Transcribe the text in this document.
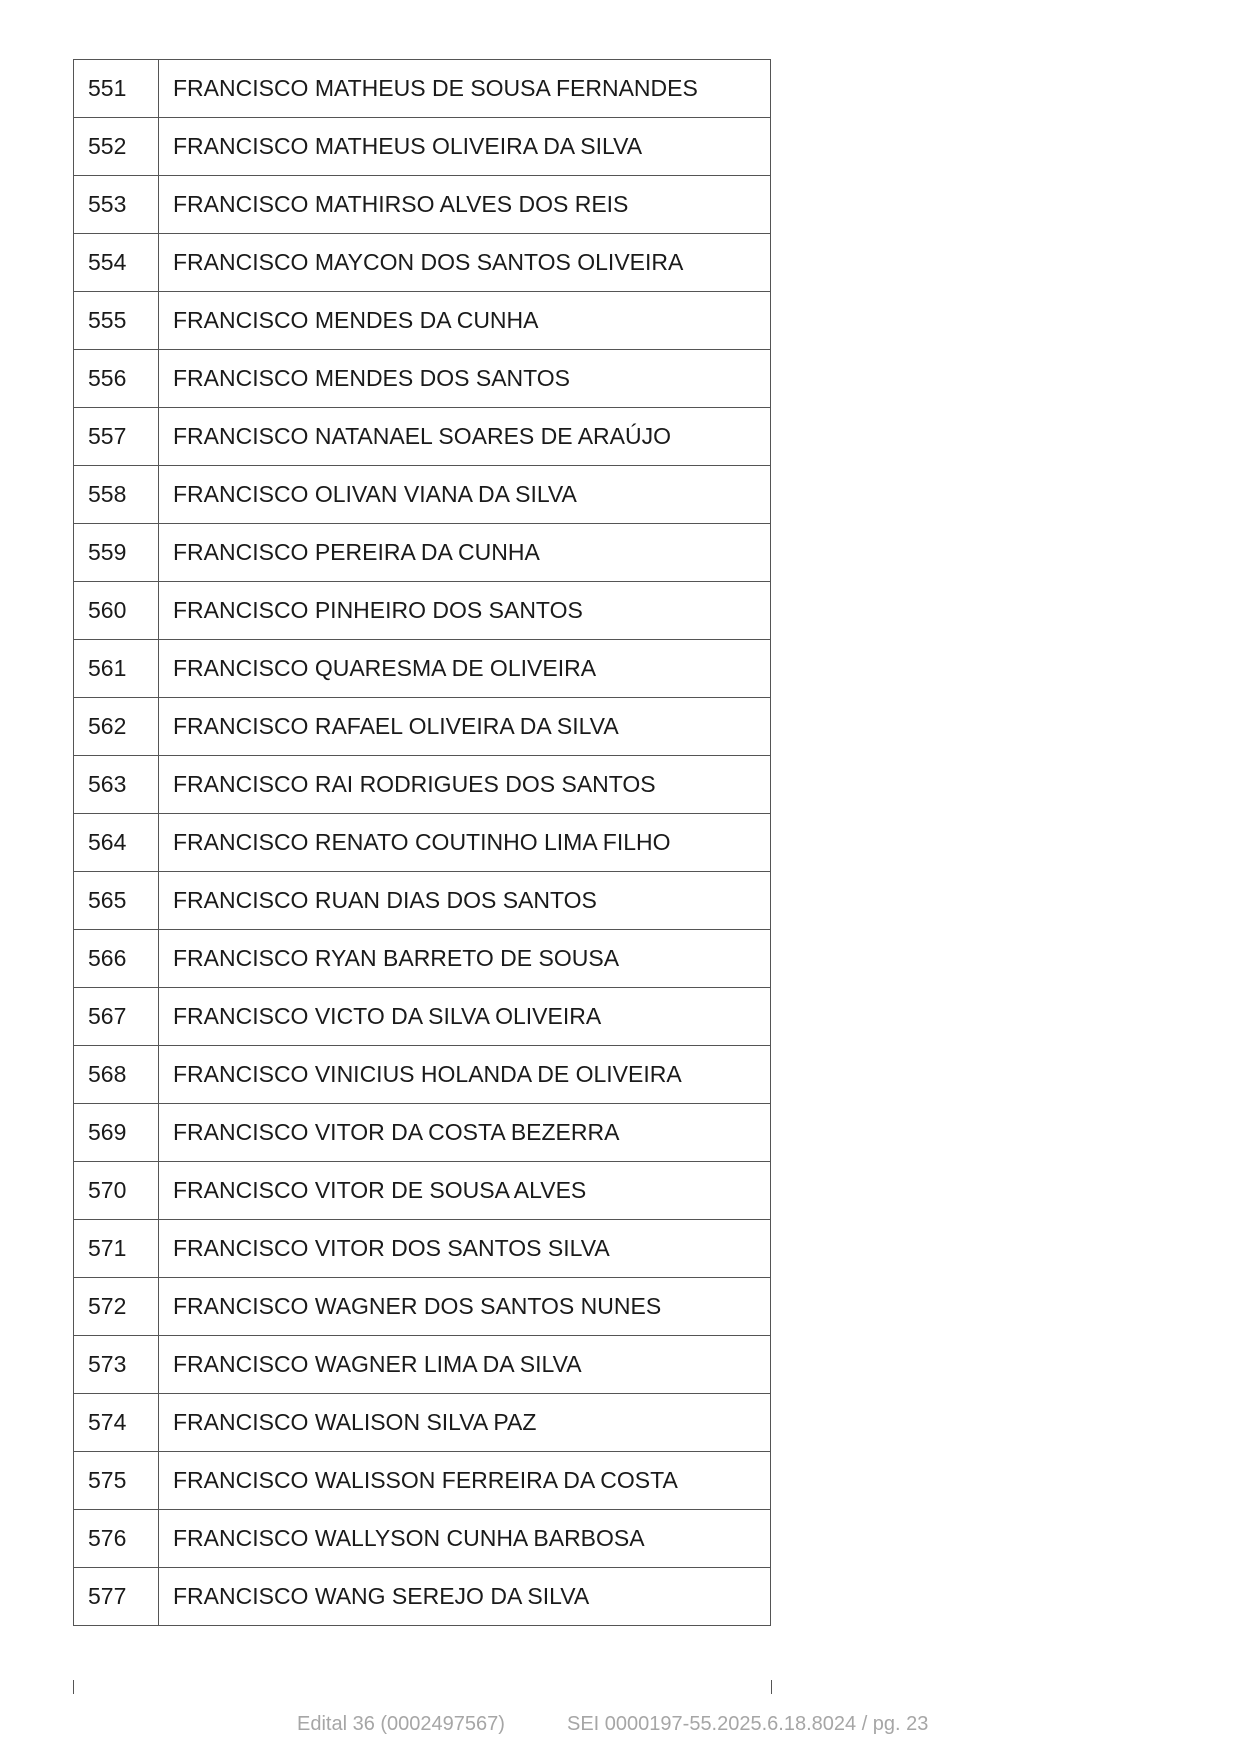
551	FRANCISCO MATHEUS DE SOUSA FERNANDES
552	FRANCISCO MATHEUS OLIVEIRA DA SILVA
553	FRANCISCO MATHIRSO ALVES DOS REIS
554	FRANCISCO MAYCON DOS SANTOS OLIVEIRA
555	FRANCISCO MENDES DA CUNHA
556	FRANCISCO MENDES DOS SANTOS
557	FRANCISCO NATANAEL SOARES DE ARAÚJO
558	FRANCISCO OLIVAN VIANA DA SILVA
559	FRANCISCO PEREIRA DA CUNHA
560	FRANCISCO PINHEIRO DOS SANTOS
561	FRANCISCO QUARESMA DE OLIVEIRA
562	FRANCISCO RAFAEL OLIVEIRA DA SILVA
563	FRANCISCO RAI RODRIGUES DOS SANTOS
564	FRANCISCO RENATO COUTINHO LIMA FILHO
565	FRANCISCO RUAN DIAS DOS SANTOS
566	FRANCISCO RYAN BARRETO DE SOUSA
567	FRANCISCO VICTO DA SILVA OLIVEIRA
568	FRANCISCO VINICIUS HOLANDA DE OLIVEIRA
569	FRANCISCO VITOR DA COSTA BEZERRA
570	FRANCISCO VITOR DE SOUSA ALVES
571	FRANCISCO VITOR DOS SANTOS SILVA
572	FRANCISCO WAGNER DOS SANTOS NUNES
573	FRANCISCO WAGNER LIMA DA SILVA
574	FRANCISCO WALISON SILVA PAZ
575	FRANCISCO WALISSON FERREIRA DA COSTA
576	FRANCISCO WALLYSON CUNHA BARBOSA
577	FRANCISCO WANG SEREJO DA SILVA
Edital 36 (0002497567)	SEI 0000197-55.2025.6.18.8024 / pg. 23
